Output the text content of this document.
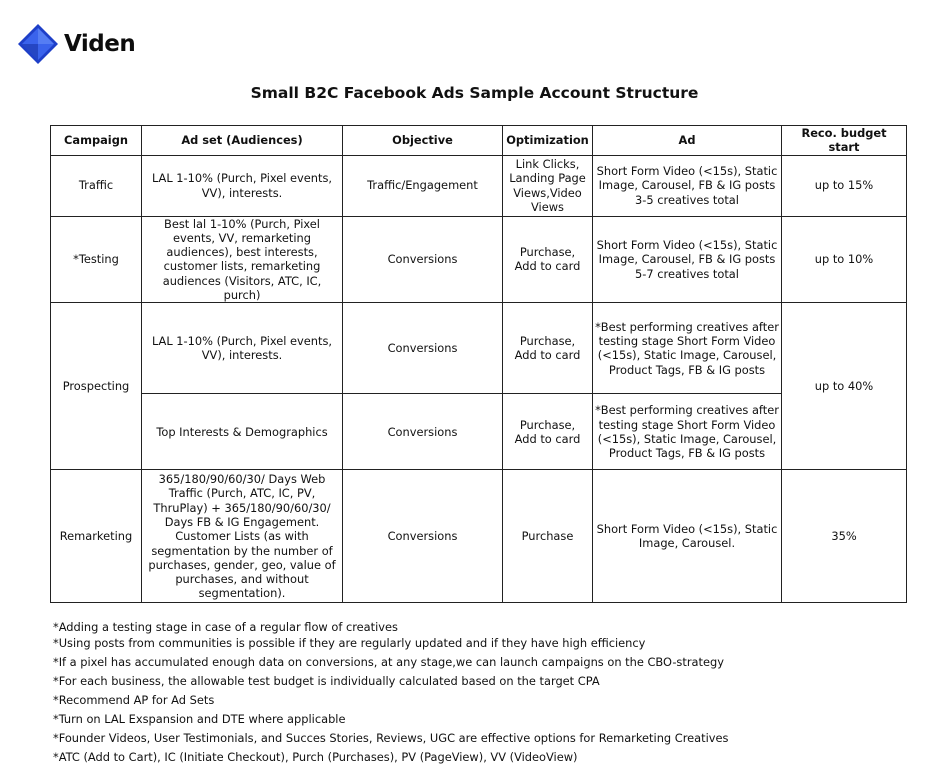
Viden
Small B2C Facebook Ads Sample Account Structure
Campaign	Ad set (Audiences)	Objective	Optimization	Ad	Reco. budget start
Traffic	LAL 1-10% (Purch, Pixel events, VV), interests.	Traffic/Engagement	Link Clicks, Landing Page Views,Video Views	Short Form Video (<15s), Static Image, Carousel, FB & IG posts 3-5 creatives total	up to 15%
*Testing	Best lal 1-10% (Purch, Pixel events, VV, remarketing audiences), best interests, customer lists, remarketing audiences (Visitors, ATC, IC, purch)	Conversions	Purchase, Add to card	Short Form Video (<15s), Static Image, Carousel, FB & IG posts 5-7 creatives total	up to 10%
Prospecting	LAL 1-10% (Purch, Pixel events, VV), interests.	Conversions	Purchase, Add to card	*Best performing creatives after testing stage Short Form Video (<15s), Static Image, Carousel, Product Tags, FB & IG posts	up to 40%
	Top Interests & Demographics	Conversions	Purchase, Add to card	*Best performing creatives after testing stage Short Form Video (<15s), Static Image, Carousel, Product Tags, FB & IG posts	
Remarketing	365/180/90/60/30/ Days Web Traffic (Purch, ATC, IC, PV, ThruPlay) + 365/180/90/60/30/ Days FB & IG Engagement. Customer Lists (as with segmentation by the number of purchases, gender, geo, value of purchases, and without segmentation).	Conversions	Purchase	Short Form Video (<15s), Static Image, Carousel.	35%
*Adding a testing stage in case of a regular flow of creatives
*Using posts from communities is possible if they are regularly updated and if they have high efficiency
*If a pixel has accumulated enough data on conversions, at any stage,we can launch campaigns on the CBO-strategy
*For each business, the allowable test budget is individually calculated based on the target CPA
*Recommend AP for Ad Sets
*Turn on LAL Exspansion and DTE where applicable
*Founder Videos, User Testimonials, and Succes Stories, Reviews, UGC are effective options for Remarketing Creatives
*ATC (Add to Cart), IC (Initiate Checkout), Purch (Purchases), PV (PageView), VV (VideoView)
